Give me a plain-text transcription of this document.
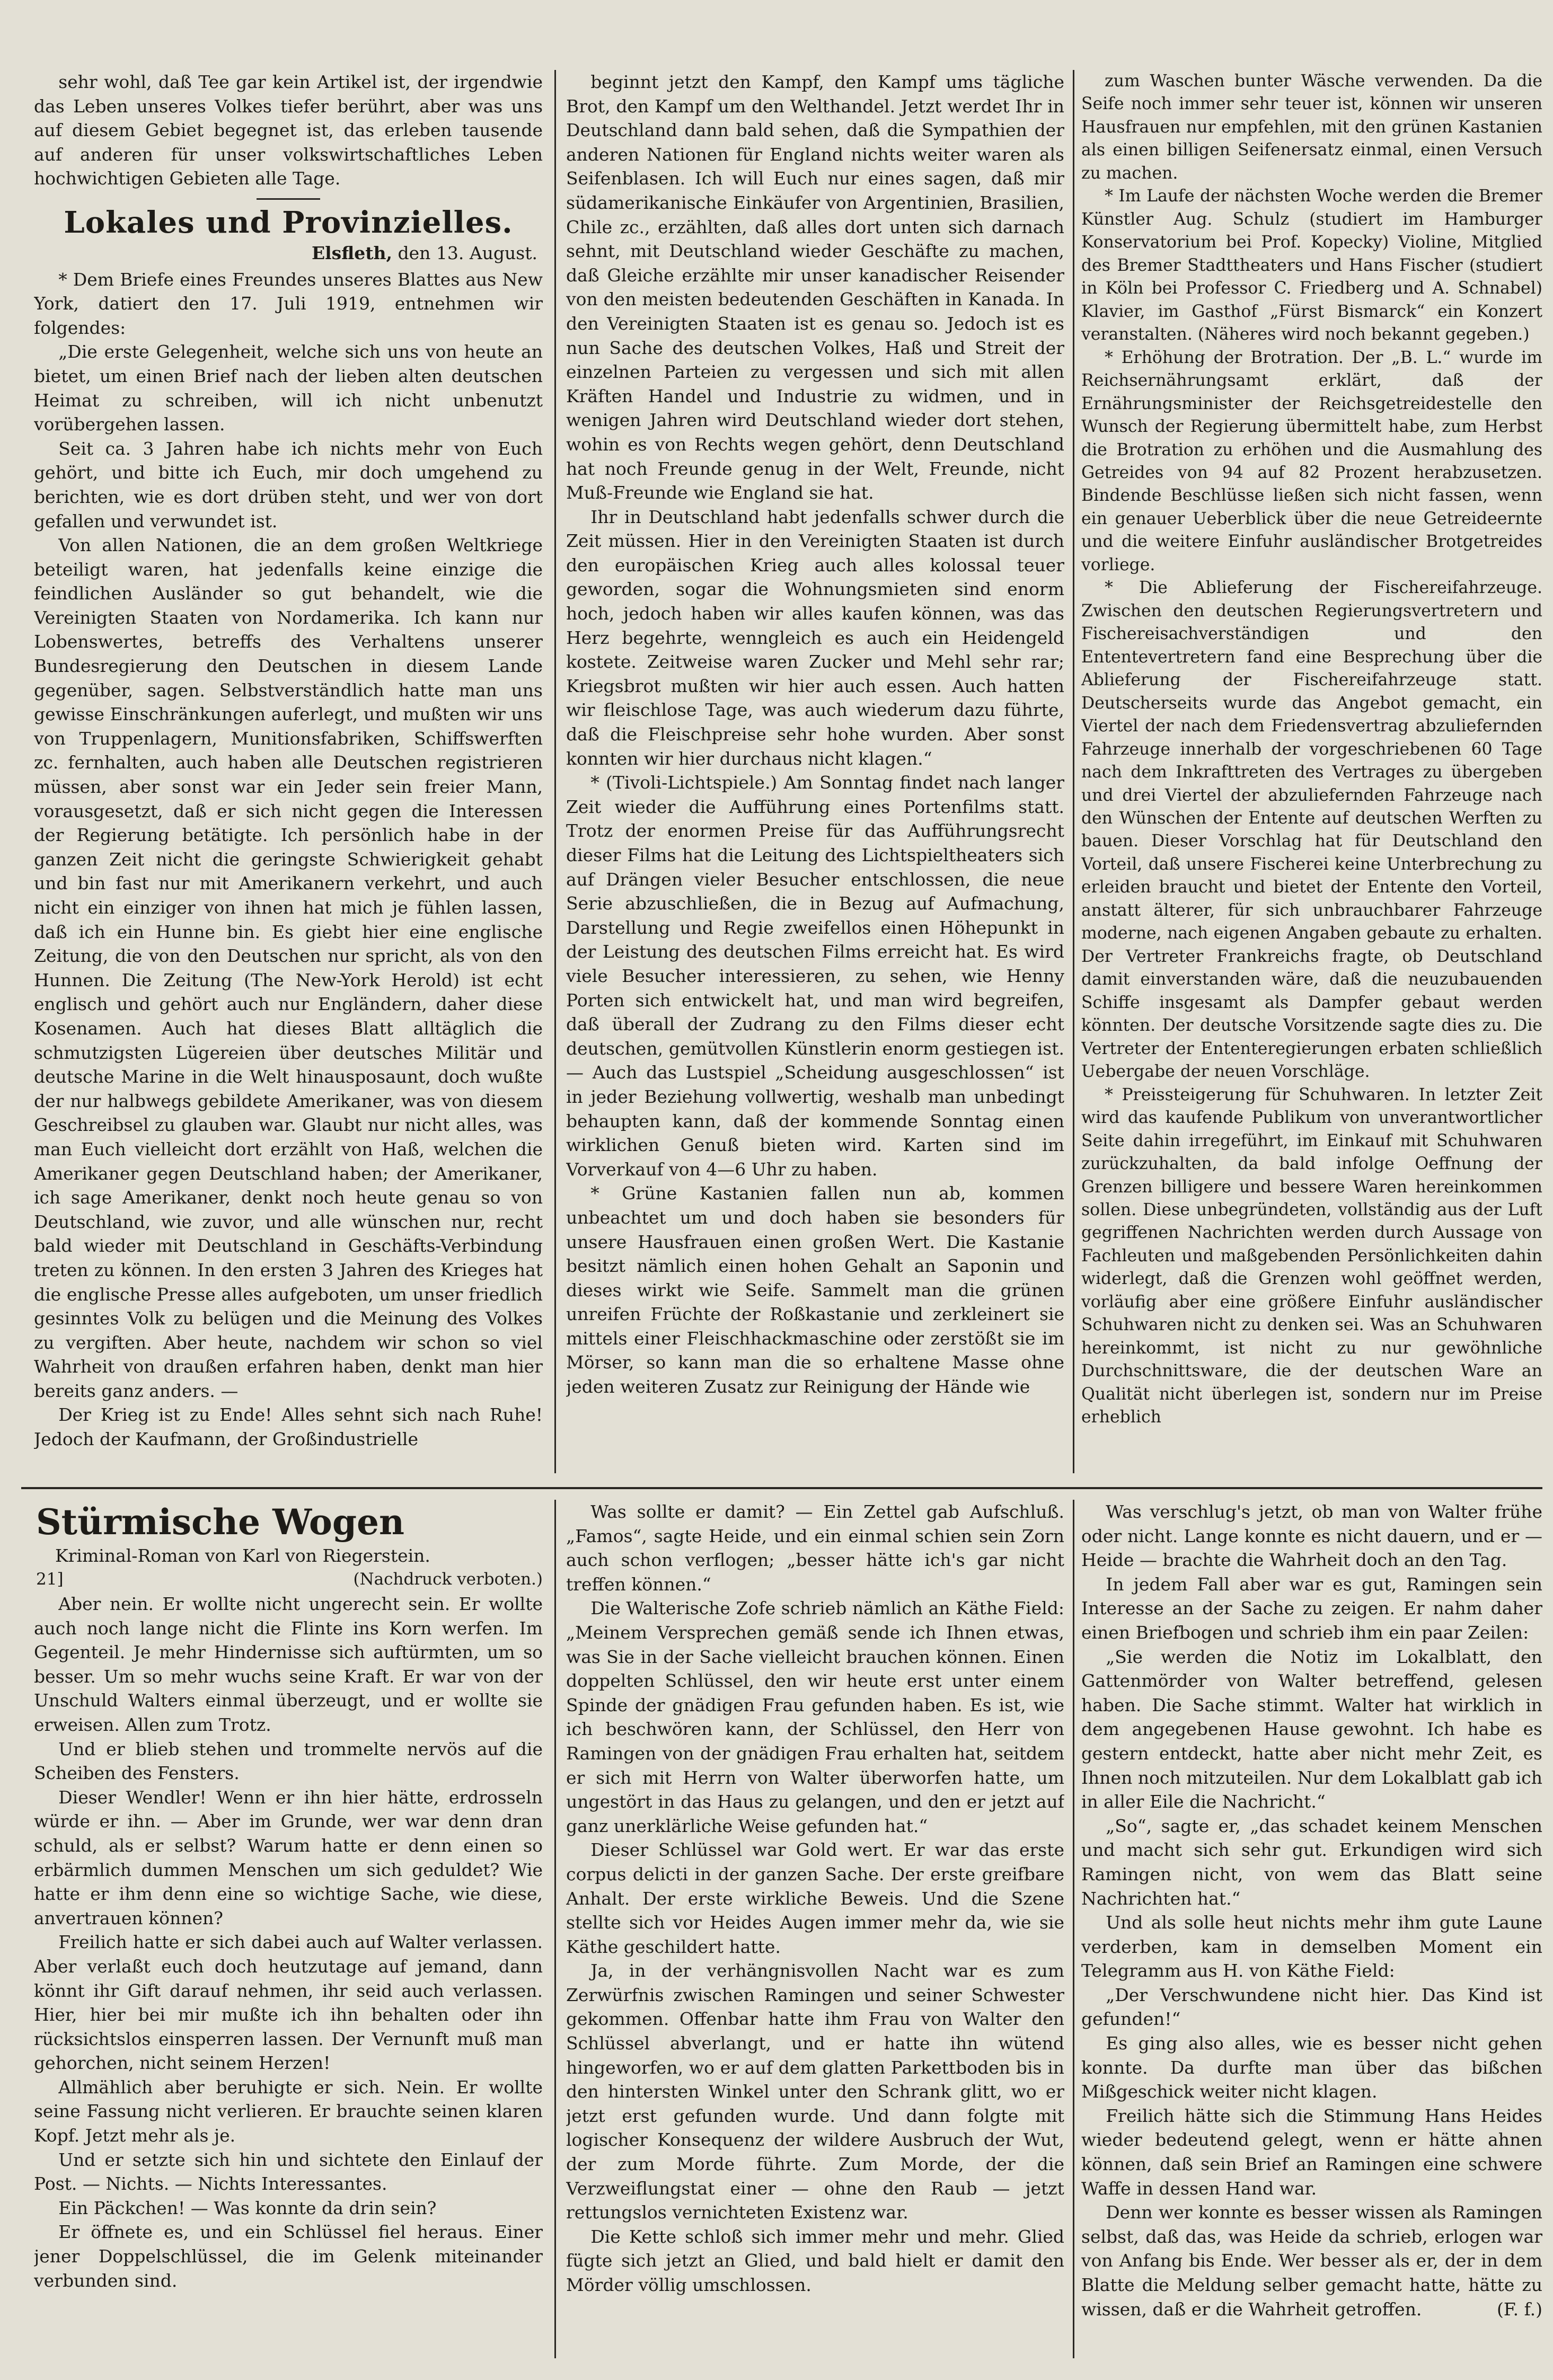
sehr wohl, daß Tee gar kein Artikel ist, der irgendwie das Leben unseres Volkes tiefer berührt, aber was uns auf diesem Gebiet begegnet ist, das erleben tausende auf anderen für unser volkswirtschaftliches Leben hochwichtigen Gebieten alle Tage.

Lokales und Provinzielles.
Elsfleth, den 13. August.

* Dem Briefe eines Freundes unseres Blattes aus New York, datiert den 17. Juli 1919, entnehmen wir folgendes:

„Die erste Gelegenheit, welche sich uns von heute an bietet, um einen Brief nach der lieben alten deutschen Heimat zu schreiben, will ich nicht unbenutzt vorübergehen lassen.

Seit ca. 3 Jahren habe ich nichts mehr von Euch gehört, und bitte ich Euch, mir doch umgehend zu berichten, wie es dort drüben steht, und wer von dort gefallen und verwundet ist.

Von allen Nationen, die an dem großen Weltkriege beteiligt waren, hat jedenfalls keine einzige die feindlichen Ausländer so gut behandelt, wie die Vereinigten Staaten von Nordamerika. Ich kann nur Lobenswertes, betreffs des Verhaltens unserer Bundesregierung den Deutschen in diesem Lande gegenüber, sagen. Selbstverständlich hatte man uns gewisse Einschränkungen auferlegt, und mußten wir uns von Truppenlagern, Munitionsfabriken, Schiffswerften zc. fernhalten, auch haben alle Deutschen registrieren müssen, aber sonst war ein Jeder sein freier Mann, vorausgesetzt, daß er sich nicht gegen die Interessen der Regierung betätigte. Ich persönlich habe in der ganzen Zeit nicht die geringste Schwierigkeit gehabt und bin fast nur mit Amerikanern verkehrt, und auch nicht ein einziger von ihnen hat mich je fühlen lassen, daß ich ein Hunne bin. Es giebt hier eine englische Zeitung, die von den Deutschen nur spricht, als von den Hunnen. Die Zeitung (The New-York Herold) ist echt englisch und gehört auch nur Engländern, daher diese Kosenamen. Auch hat dieses Blatt alltäglich die schmutzigsten Lügereien über deutsches Militär und deutsche Marine in die Welt hinausposaunt, doch wußte der nur halbwegs gebildete Amerikaner, was von diesem Geschreibsel zu glauben war. Glaubt nur nicht alles, was man Euch vielleicht dort erzählt von Haß, welchen die Amerikaner gegen Deutschland haben; der Amerikaner, ich sage Amerikaner, denkt noch heute genau so von Deutschland, wie zuvor, und alle wünschen nur, recht bald wieder mit Deutschland in Geschäfts-Verbindung treten zu können. In den ersten 3 Jahren des Krieges hat die englische Presse alles aufgeboten, um unser friedlich gesinntes Volk zu belügen und die Meinung des Volkes zu vergiften. Aber heute, nachdem wir schon so viel Wahrheit von draußen erfahren haben, denkt man hier bereits ganz anders. —

Der Krieg ist zu Ende! Alles sehnt sich nach Ruhe! Jedoch der Kaufmann, der Großindustrielle

beginnt jetzt den Kampf, den Kampf ums tägliche Brot, den Kampf um den Welthandel. Jetzt werdet Ihr in Deutschland dann bald sehen, daß die Sympathien der anderen Nationen für England nichts weiter waren als Seifenblasen. Ich will Euch nur eines sagen, daß mir südamerikanische Einkäufer von Argentinien, Brasilien, Chile zc., erzählten, daß alles dort unten sich darnach sehnt, mit Deutschland wieder Geschäfte zu machen, daß Gleiche erzählte mir unser kanadischer Reisender von den meisten bedeutenden Geschäften in Kanada. In den Vereinigten Staaten ist es genau so. Jedoch ist es nun Sache des deutschen Volkes, Haß und Streit der einzelnen Parteien zu vergessen und sich mit allen Kräften Handel und Industrie zu widmen, und in wenigen Jahren wird Deutschland wieder dort stehen, wohin es von Rechts wegen gehört, denn Deutschland hat noch Freunde genug in der Welt, Freunde, nicht Muß-Freunde wie England sie hat.

Ihr in Deutschland habt jedenfalls schwer durch die Zeit müssen. Hier in den Vereinigten Staaten ist durch den europäischen Krieg auch alles kolossal teuer geworden, sogar die Wohnungsmieten sind enorm hoch, jedoch haben wir alles kaufen können, was das Herz begehrte, wenngleich es auch ein Heidengeld kostete. Zeitweise waren Zucker und Mehl sehr rar; Kriegsbrot mußten wir hier auch essen. Auch hatten wir fleischlose Tage, was auch wiederum dazu führte, daß die Fleischpreise sehr hohe wurden. Aber sonst konnten wir hier durchaus nicht klagen.“

* (Tivoli-Lichtspiele.) Am Sonntag findet nach langer Zeit wieder die Aufführung eines Portenfilms statt. Trotz der enormen Preise für das Aufführungsrecht dieser Films hat die Leitung des Lichtspieltheaters sich auf Drängen vieler Besucher entschlossen, die neue Serie abzuschließen, die in Bezug auf Aufmachung, Darstellung und Regie zweifellos einen Höhepunkt in der Leistung des deutschen Films erreicht hat. Es wird viele Besucher interessieren, zu sehen, wie Henny Porten sich entwickelt hat, und man wird begreifen, daß überall der Zudrang zu den Films dieser echt deutschen, gemütvollen Künstlerin enorm gestiegen ist. — Auch das Lustspiel „Scheidung ausgeschlossen“ ist in jeder Beziehung vollwertig, weshalb man unbedingt behaupten kann, daß der kommende Sonntag einen wirklichen Genuß bieten wird. Karten sind im Vorverkauf von 4—6 Uhr zu haben.

* Grüne Kastanien fallen nun ab, kommen unbeachtet um und doch haben sie besonders für unsere Hausfrauen einen großen Wert. Die Kastanie besitzt nämlich einen hohen Gehalt an Saponin und dieses wirkt wie Seife. Sammelt man die grünen unreifen Früchte der Roßkastanie und zerkleinert sie mittels einer Fleischhackmaschine oder zerstößt sie im Mörser, so kann man die so erhaltene Masse ohne jeden weiteren Zusatz zur Reinigung der Hände wie

zum Waschen bunter Wäsche verwenden. Da die Seife noch immer sehr teuer ist, können wir unseren Hausfrauen nur empfehlen, mit den grünen Kastanien als einen billigen Seifenersatz einmal, einen Versuch zu machen.

* Im Laufe der nächsten Woche werden die Bremer Künstler Aug. Schulz (studiert im Hamburger Konservatorium bei Prof. Kopecky) Violine, Mitglied des Bremer Stadttheaters und Hans Fischer (studiert in Köln bei Professor C. Friedberg und A. Schnabel) Klavier, im Gasthof „Fürst Bismarck“ ein Konzert veranstalten. (Näheres wird noch bekannt gegeben.)

* Erhöhung der Brotration. Der „B. L.“ wurde im Reichsernährungsamt erklärt, daß der Ernährungsminister der Reichsgetreidestelle den Wunsch der Regierung übermittelt habe, zum Herbst die Brotration zu erhöhen und die Ausmahlung des Getreides von 94 auf 82 Prozent herabzusetzen. Bindende Beschlüsse ließen sich nicht fassen, wenn ein genauer Ueberblick über die neue Getreideernte und die weitere Einfuhr ausländischer Brotgetreides vorliege.

* Die Ablieferung der Fischereifahrzeuge. Zwischen den deutschen Regierungsvertretern und Fischereisachverständigen und den Ententevertretern fand eine Besprechung über die Ablieferung der Fischereifahrzeuge statt. Deutscherseits wurde das Angebot gemacht, ein Viertel der nach dem Friedensvertrag abzuliefernden Fahrzeuge innerhalb der vorgeschriebenen 60 Tage nach dem Inkrafttreten des Vertrages zu übergeben und drei Viertel der abzuliefernden Fahrzeuge nach den Wünschen der Entente auf deutschen Werften zu bauen. Dieser Vorschlag hat für Deutschland den Vorteil, daß unsere Fischerei keine Unterbrechung zu erleiden braucht und bietet der Entente den Vorteil, anstatt älterer, für sich unbrauchbarer Fahrzeuge moderne, nach eigenen Angaben gebaute zu erhalten. Der Vertreter Frankreichs fragte, ob Deutschland damit einverstanden wäre, daß die neuzubauenden Schiffe insgesamt als Dampfer gebaut werden könnten. Der deutsche Vorsitzende sagte dies zu. Die Vertreter der Ententeregierungen erbaten schließlich Uebergabe der neuen Vorschläge.

* Preissteigerung für Schuhwaren. In letzter Zeit wird das kaufende Publikum von unverantwortlicher Seite dahin irregeführt, im Einkauf mit Schuhwaren zurückzuhalten, da bald infolge Oeffnung der Grenzen billigere und bessere Waren hereinkommen sollen. Diese unbegründeten, vollständig aus der Luft gegriffenen Nachrichten werden durch Aussage von Fachleuten und maßgebenden Persönlichkeiten dahin widerlegt, daß die Grenzen wohl geöffnet werden, vorläufig aber eine größere Einfuhr ausländischer Schuhwaren nicht zu denken sei. Was an Schuhwaren hereinkommt, ist nicht zu nur gewöhnliche Durchschnittsware, die der deutschen Ware an Qualität nicht überlegen ist, sondern nur im Preise erheblich

Stürmische Wogen
Kriminal-Roman von Karl von Riegerstein.
21]	(Nachdruck verboten.)

Aber nein. Er wollte nicht ungerecht sein. Er wollte auch noch lange nicht die Flinte ins Korn werfen. Im Gegenteil. Je mehr Hindernisse sich auftürmten, um so besser. Um so mehr wuchs seine Kraft. Er war von der Unschuld Walters einmal überzeugt, und er wollte sie erweisen. Allen zum Trotz.

Und er blieb stehen und trommelte nervös auf die Scheiben des Fensters.

Dieser Wendler! Wenn er ihn hier hätte, erdrosseln würde er ihn. — Aber im Grunde, wer war denn dran schuld, als er selbst? Warum hatte er denn einen so erbärmlich dummen Menschen um sich geduldet? Wie hatte er ihm denn eine so wichtige Sache, wie diese, anvertrauen können?

Freilich hatte er sich dabei auch auf Walter verlassen. Aber verlaßt euch doch heutzutage auf jemand, dann könnt ihr Gift darauf nehmen, ihr seid auch verlassen. Hier, hier bei mir mußte ich ihn behalten oder ihn rücksichtslos einsperren lassen. Der Vernunft muß man gehorchen, nicht seinem Herzen!

Allmählich aber beruhigte er sich. Nein. Er wollte seine Fassung nicht verlieren. Er brauchte seinen klaren Kopf. Jetzt mehr als je.

Und er setzte sich hin und sichtete den Einlauf der Post. — Nichts. — Nichts Interessantes.

Ein Päckchen! — Was konnte da drin sein?

Er öffnete es, und ein Schlüssel fiel heraus. Einer jener Doppelschlüssel, die im Gelenk miteinander verbunden sind.

Was sollte er damit? — Ein Zettel gab Aufschluß. „Famos“, sagte Heide, und ein einmal schien sein Zorn auch schon verflogen; „besser hätte ich's gar nicht treffen können.“

Die Walterische Zofe schrieb nämlich an Käthe Field: „Meinem Versprechen gemäß sende ich Ihnen etwas, was Sie in der Sache vielleicht brauchen können. Einen doppelten Schlüssel, den wir heute erst unter einem Spinde der gnädigen Frau gefunden haben. Es ist, wie ich beschwören kann, der Schlüssel, den Herr von Ramingen von der gnädigen Frau erhalten hat, seitdem er sich mit Herrn von Walter überworfen hatte, um ungestört in das Haus zu gelangen, und den er jetzt auf ganz unerklärliche Weise gefunden hat.“

Dieser Schlüssel war Gold wert. Er war das erste corpus delicti in der ganzen Sache. Der erste greifbare Anhalt. Der erste wirkliche Beweis. Und die Szene stellte sich vor Heides Augen immer mehr da, wie sie Käthe geschildert hatte.

Ja, in der verhängnisvollen Nacht war es zum Zerwürfnis zwischen Ramingen und seiner Schwester gekommen. Offenbar hatte ihm Frau von Walter den Schlüssel abverlangt, und er hatte ihn wütend hingeworfen, wo er auf dem glatten Parkettboden bis in den hintersten Winkel unter den Schrank glitt, wo er jetzt erst gefunden wurde. Und dann folgte mit logischer Konsequenz der wildere Ausbruch der Wut, der zum Morde führte. Zum Morde, der die Verzweiflungstat einer — ohne den Raub — jetzt rettungslos vernichteten Existenz war.

Die Kette schloß sich immer mehr und mehr. Glied fügte sich jetzt an Glied, und bald hielt er damit den Mörder völlig umschlossen.

Was verschlug's jetzt, ob man von Walter frühe oder nicht. Lange konnte es nicht dauern, und er — Heide — brachte die Wahrheit doch an den Tag.

In jedem Fall aber war es gut, Ramingen sein Interesse an der Sache zu zeigen. Er nahm daher einen Briefbogen und schrieb ihm ein paar Zeilen:

„Sie werden die Notiz im Lokalblatt, den Gattenmörder von Walter betreffend, gelesen haben. Die Sache stimmt. Walter hat wirklich in dem angegebenen Hause gewohnt. Ich habe es gestern entdeckt, hatte aber nicht mehr Zeit, es Ihnen noch mitzuteilen. Nur dem Lokalblatt gab ich in aller Eile die Nachricht.“

„So“, sagte er, „das schadet keinem Menschen und macht sich sehr gut. Erkundigen wird sich Ramingen nicht, von wem das Blatt seine Nachrichten hat.“

Und als solle heut nichts mehr ihm gute Laune verderben, kam in demselben Moment ein Telegramm aus H. von Käthe Field:

„Der Verschwundene nicht hier. Das Kind ist gefunden!“

Es ging also alles, wie es besser nicht gehen konnte. Da durfte man über das bißchen Mißgeschick weiter nicht klagen.

Freilich hätte sich die Stimmung Hans Heides wieder bedeutend gelegt, wenn er hätte ahnen können, daß sein Brief an Ramingen eine schwere Waffe in dessen Hand war.

Denn wer konnte es besser wissen als Ramingen selbst, daß das, was Heide da schrieb, erlogen war von Anfang bis Ende. Wer besser als er, der in dem Blatte die Meldung selber gemacht hatte, hätte zu wissen, daß er die Wahrheit getroffen.	(F. f.)
